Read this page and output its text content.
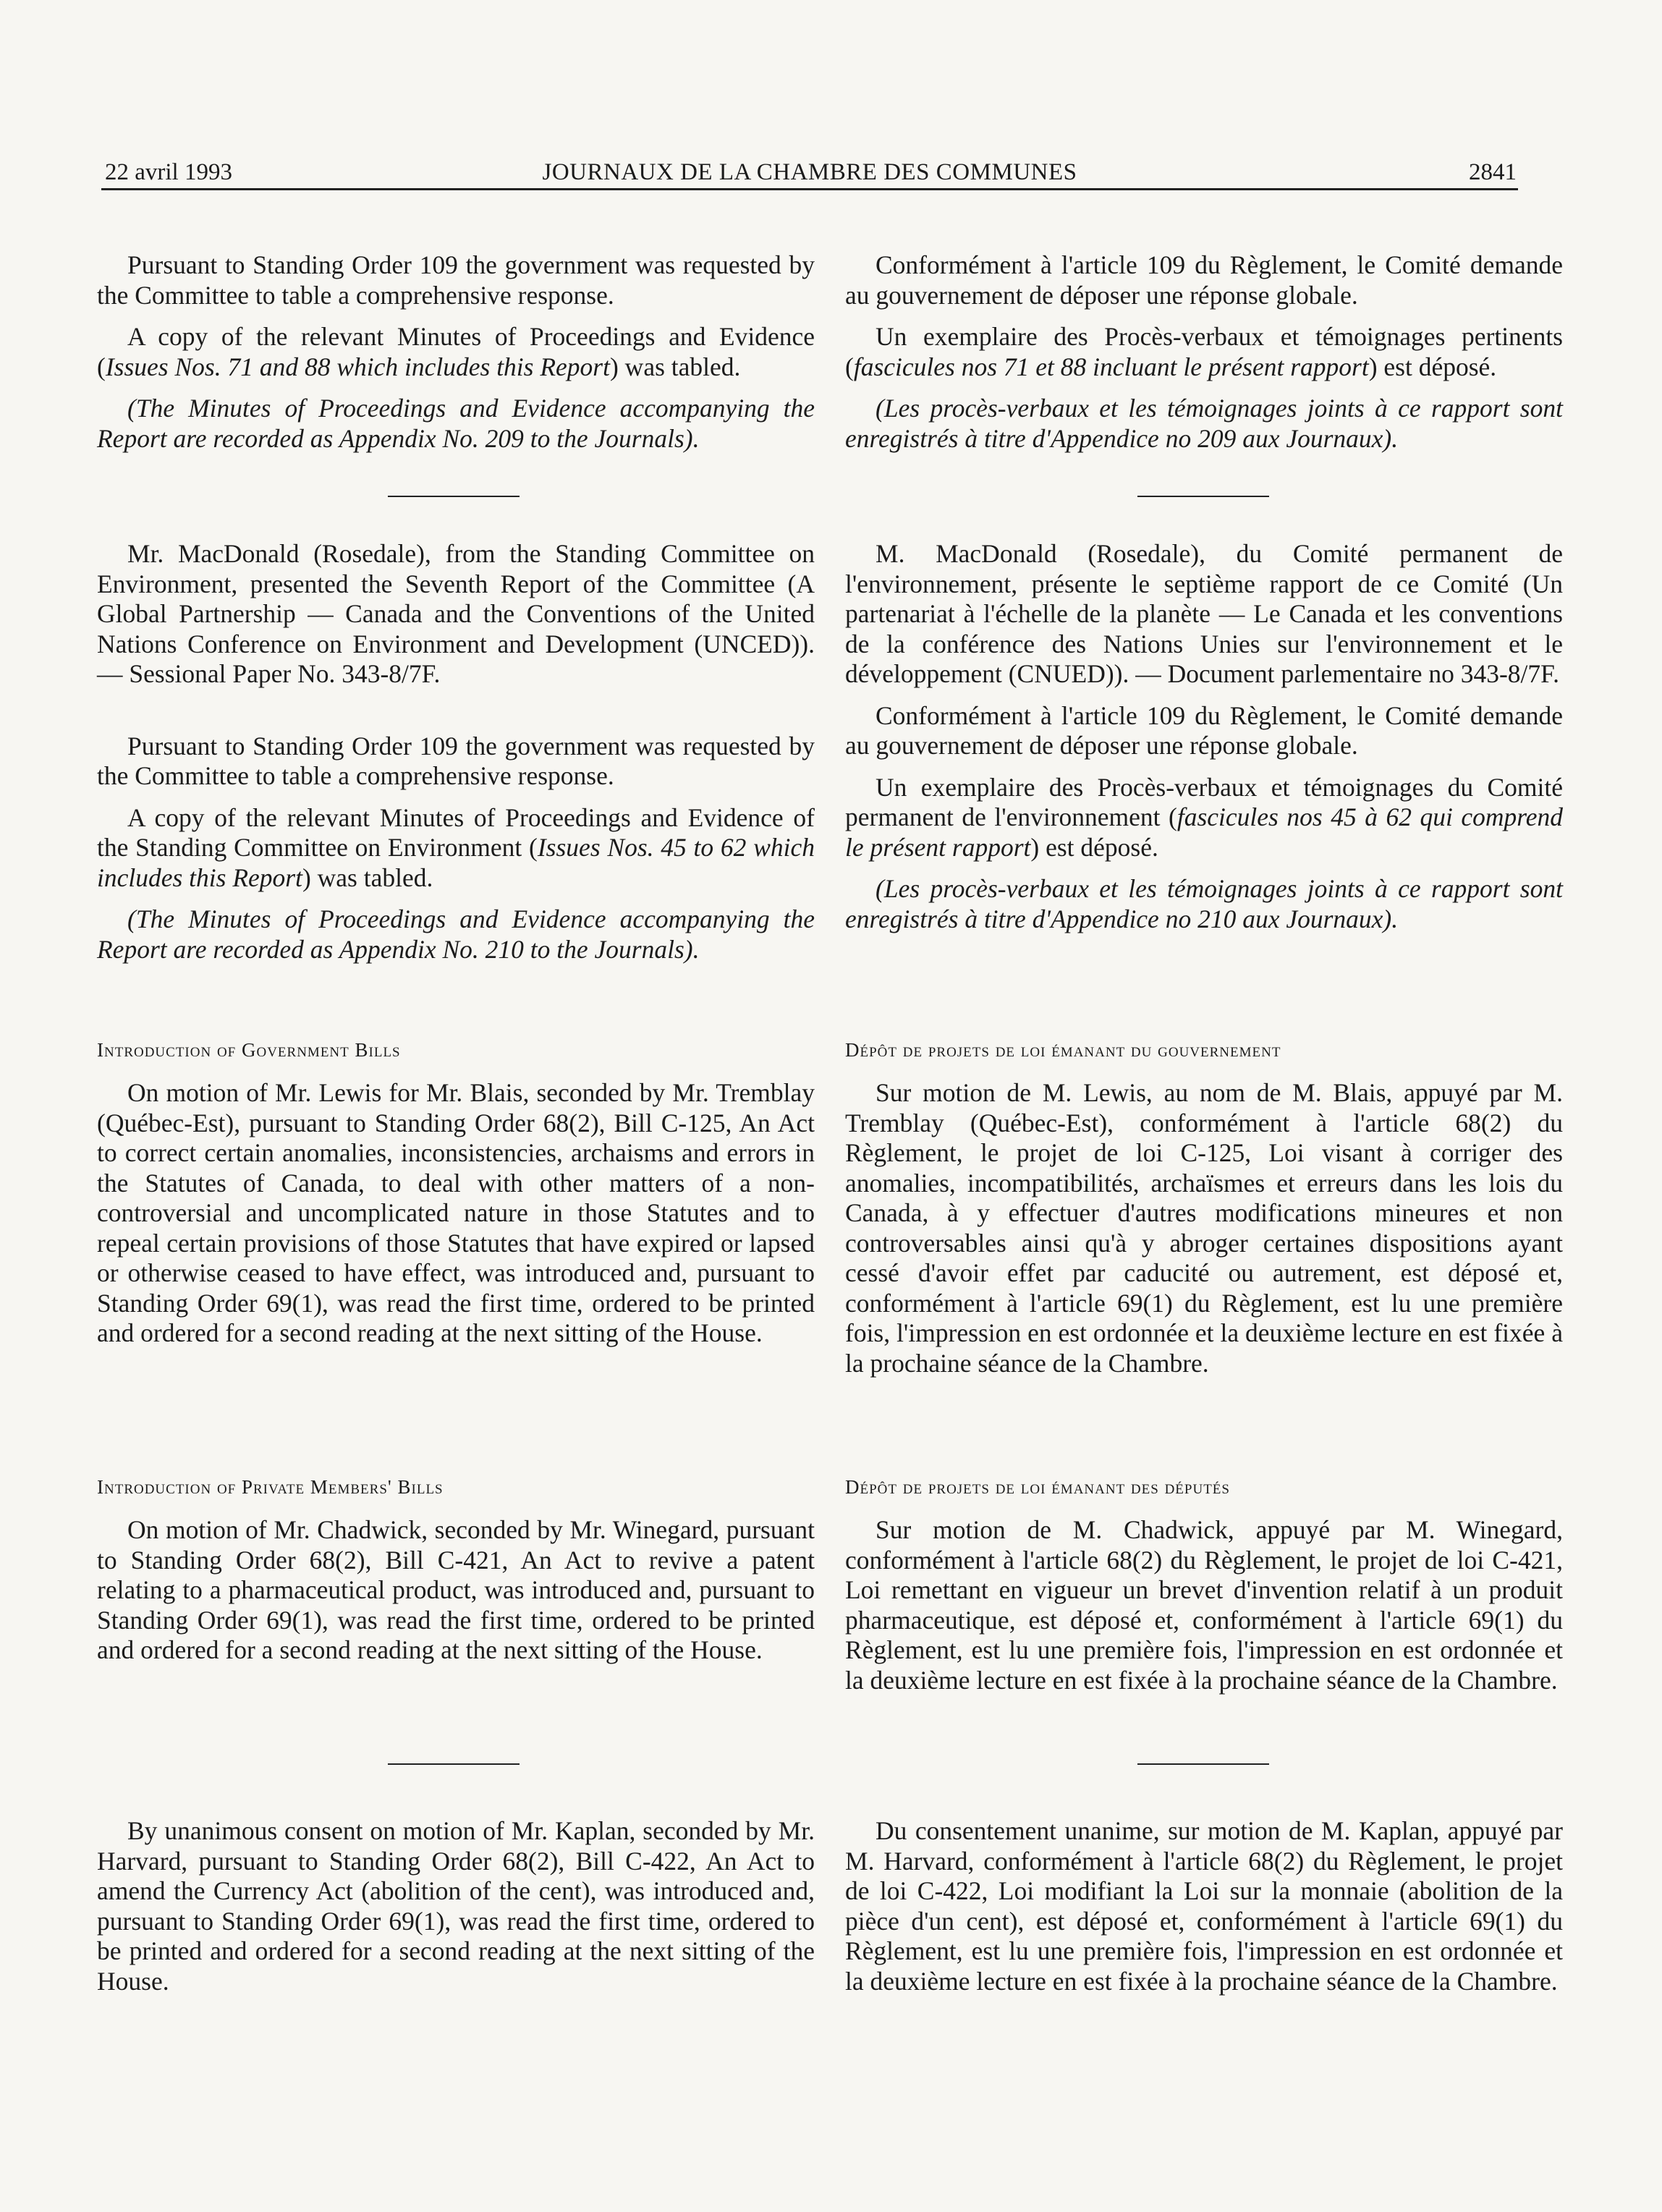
22 avril 1993	JOURNAUX DE LA CHAMBRE DES COMMUNES	2841

Pursuant to Standing Order 109 the government was requested by the Committee to table a comprehensive response.

A copy of the relevant Minutes of Proceedings and Evidence (Issues Nos. 71 and 88 which includes this Report) was tabled.

(The Minutes of Proceedings and Evidence accompanying the Report are recorded as Appendix No. 209 to the Journals).

Mr. MacDonald (Rosedale), from the Standing Committee on Environment, presented the Seventh Report of the Committee (A Global Partnership — Canada and the Conventions of the United Nations Conference on Environment and Development (UNCED)). — Sessional Paper No. 343-8/7F.

Pursuant to Standing Order 109 the government was requested by the Committee to table a comprehensive response.

A copy of the relevant Minutes of Proceedings and Evidence of the Standing Committee on Environment (Issues Nos. 45 to 62 which includes this Report) was tabled.

(The Minutes of Proceedings and Evidence accompanying the Report are recorded as Appendix No. 210 to the Journals).

Introduction of Government Bills

On motion of Mr. Lewis for Mr. Blais, seconded by Mr. Tremblay (Québec-Est), pursuant to Standing Order 68(2), Bill C-125, An Act to correct certain anomalies, inconsistencies, archaisms and errors in the Statutes of Canada, to deal with other matters of a non-controversial and uncomplicated nature in those Statutes and to repeal certain provisions of those Statutes that have expired or lapsed or otherwise ceased to have effect, was introduced and, pursuant to Standing Order 69(1), was read the first time, ordered to be printed and ordered for a second reading at the next sitting of the House.

Introduction of Private Members' Bills

On motion of Mr. Chadwick, seconded by Mr. Winegard, pursuant to Standing Order 68(2), Bill C-421, An Act to revive a patent relating to a pharmaceutical product, was introduced and, pursuant to Standing Order 69(1), was read the first time, ordered to be printed and ordered for a second reading at the next sitting of the House.

By unanimous consent on motion of Mr. Kaplan, seconded by Mr. Harvard, pursuant to Standing Order 68(2), Bill C-422, An Act to amend the Currency Act (abolition of the cent), was introduced and, pursuant to Standing Order 69(1), was read the first time, ordered to be printed and ordered for a second reading at the next sitting of the House.

Conformément à l'article 109 du Règlement, le Comité demande au gouvernement de déposer une réponse globale.

Un exemplaire des Procès-verbaux et témoignages pertinents (fascicules nos 71 et 88 incluant le présent rapport) est déposé.

(Les procès-verbaux et les témoignages joints à ce rapport sont enregistrés à titre d'Appendice no 209 aux Journaux).

M. MacDonald (Rosedale), du Comité permanent de l'environnement, présente le septième rapport de ce Comité (Un partenariat à l'échelle de la planète — Le Canada et les conventions de la conférence des Nations Unies sur l'environnement et le développement (CNUED)). — Document parlementaire no 343-8/7F.

Conformément à l'article 109 du Règlement, le Comité demande au gouvernement de déposer une réponse globale.

Un exemplaire des Procès-verbaux et témoignages du Comité permanent de l'environnement (fascicules nos 45 à 62 qui comprend le présent rapport) est déposé.

(Les procès-verbaux et les témoignages joints à ce rapport sont enregistrés à titre d'Appendice no 210 aux Journaux).

Dépôt de projets de loi émanant du gouvernement

Sur motion de M. Lewis, au nom de M. Blais, appuyé par M. Tremblay (Québec-Est), conformément à l'article 68(2) du Règlement, le projet de loi C-125, Loi visant à corriger des anomalies, incompatibilités, archaïsmes et erreurs dans les lois du Canada, à y effectuer d'autres modifications mineures et non controversables ainsi qu'à y abroger certaines dispositions ayant cessé d'avoir effet par caducité ou autrement, est déposé et, conformément à l'article 69(1) du Règlement, est lu une première fois, l'impression en est ordonnée et la deuxième lecture en est fixée à la prochaine séance de la Chambre.

Dépôt de projets de loi émanant des députés

Sur motion de M. Chadwick, appuyé par M. Winegard, conformément à l'article 68(2) du Règlement, le projet de loi C-421, Loi remettant en vigueur un brevet d'invention relatif à un produit pharmaceutique, est déposé et, conformément à l'article 69(1) du Règlement, est lu une première fois, l'impression en est ordonnée et la deuxième lecture en est fixée à la prochaine séance de la Chambre.

Du consentement unanime, sur motion de M. Kaplan, appuyé par M. Harvard, conformément à l'article 68(2) du Règlement, le projet de loi C-422, Loi modifiant la Loi sur la monnaie (abolition de la pièce d'un cent), est déposé et, conformément à l'article 69(1) du Règlement, est lu une première fois, l'impression en est ordonnée et la deuxième lecture en est fixée à la prochaine séance de la Chambre.
